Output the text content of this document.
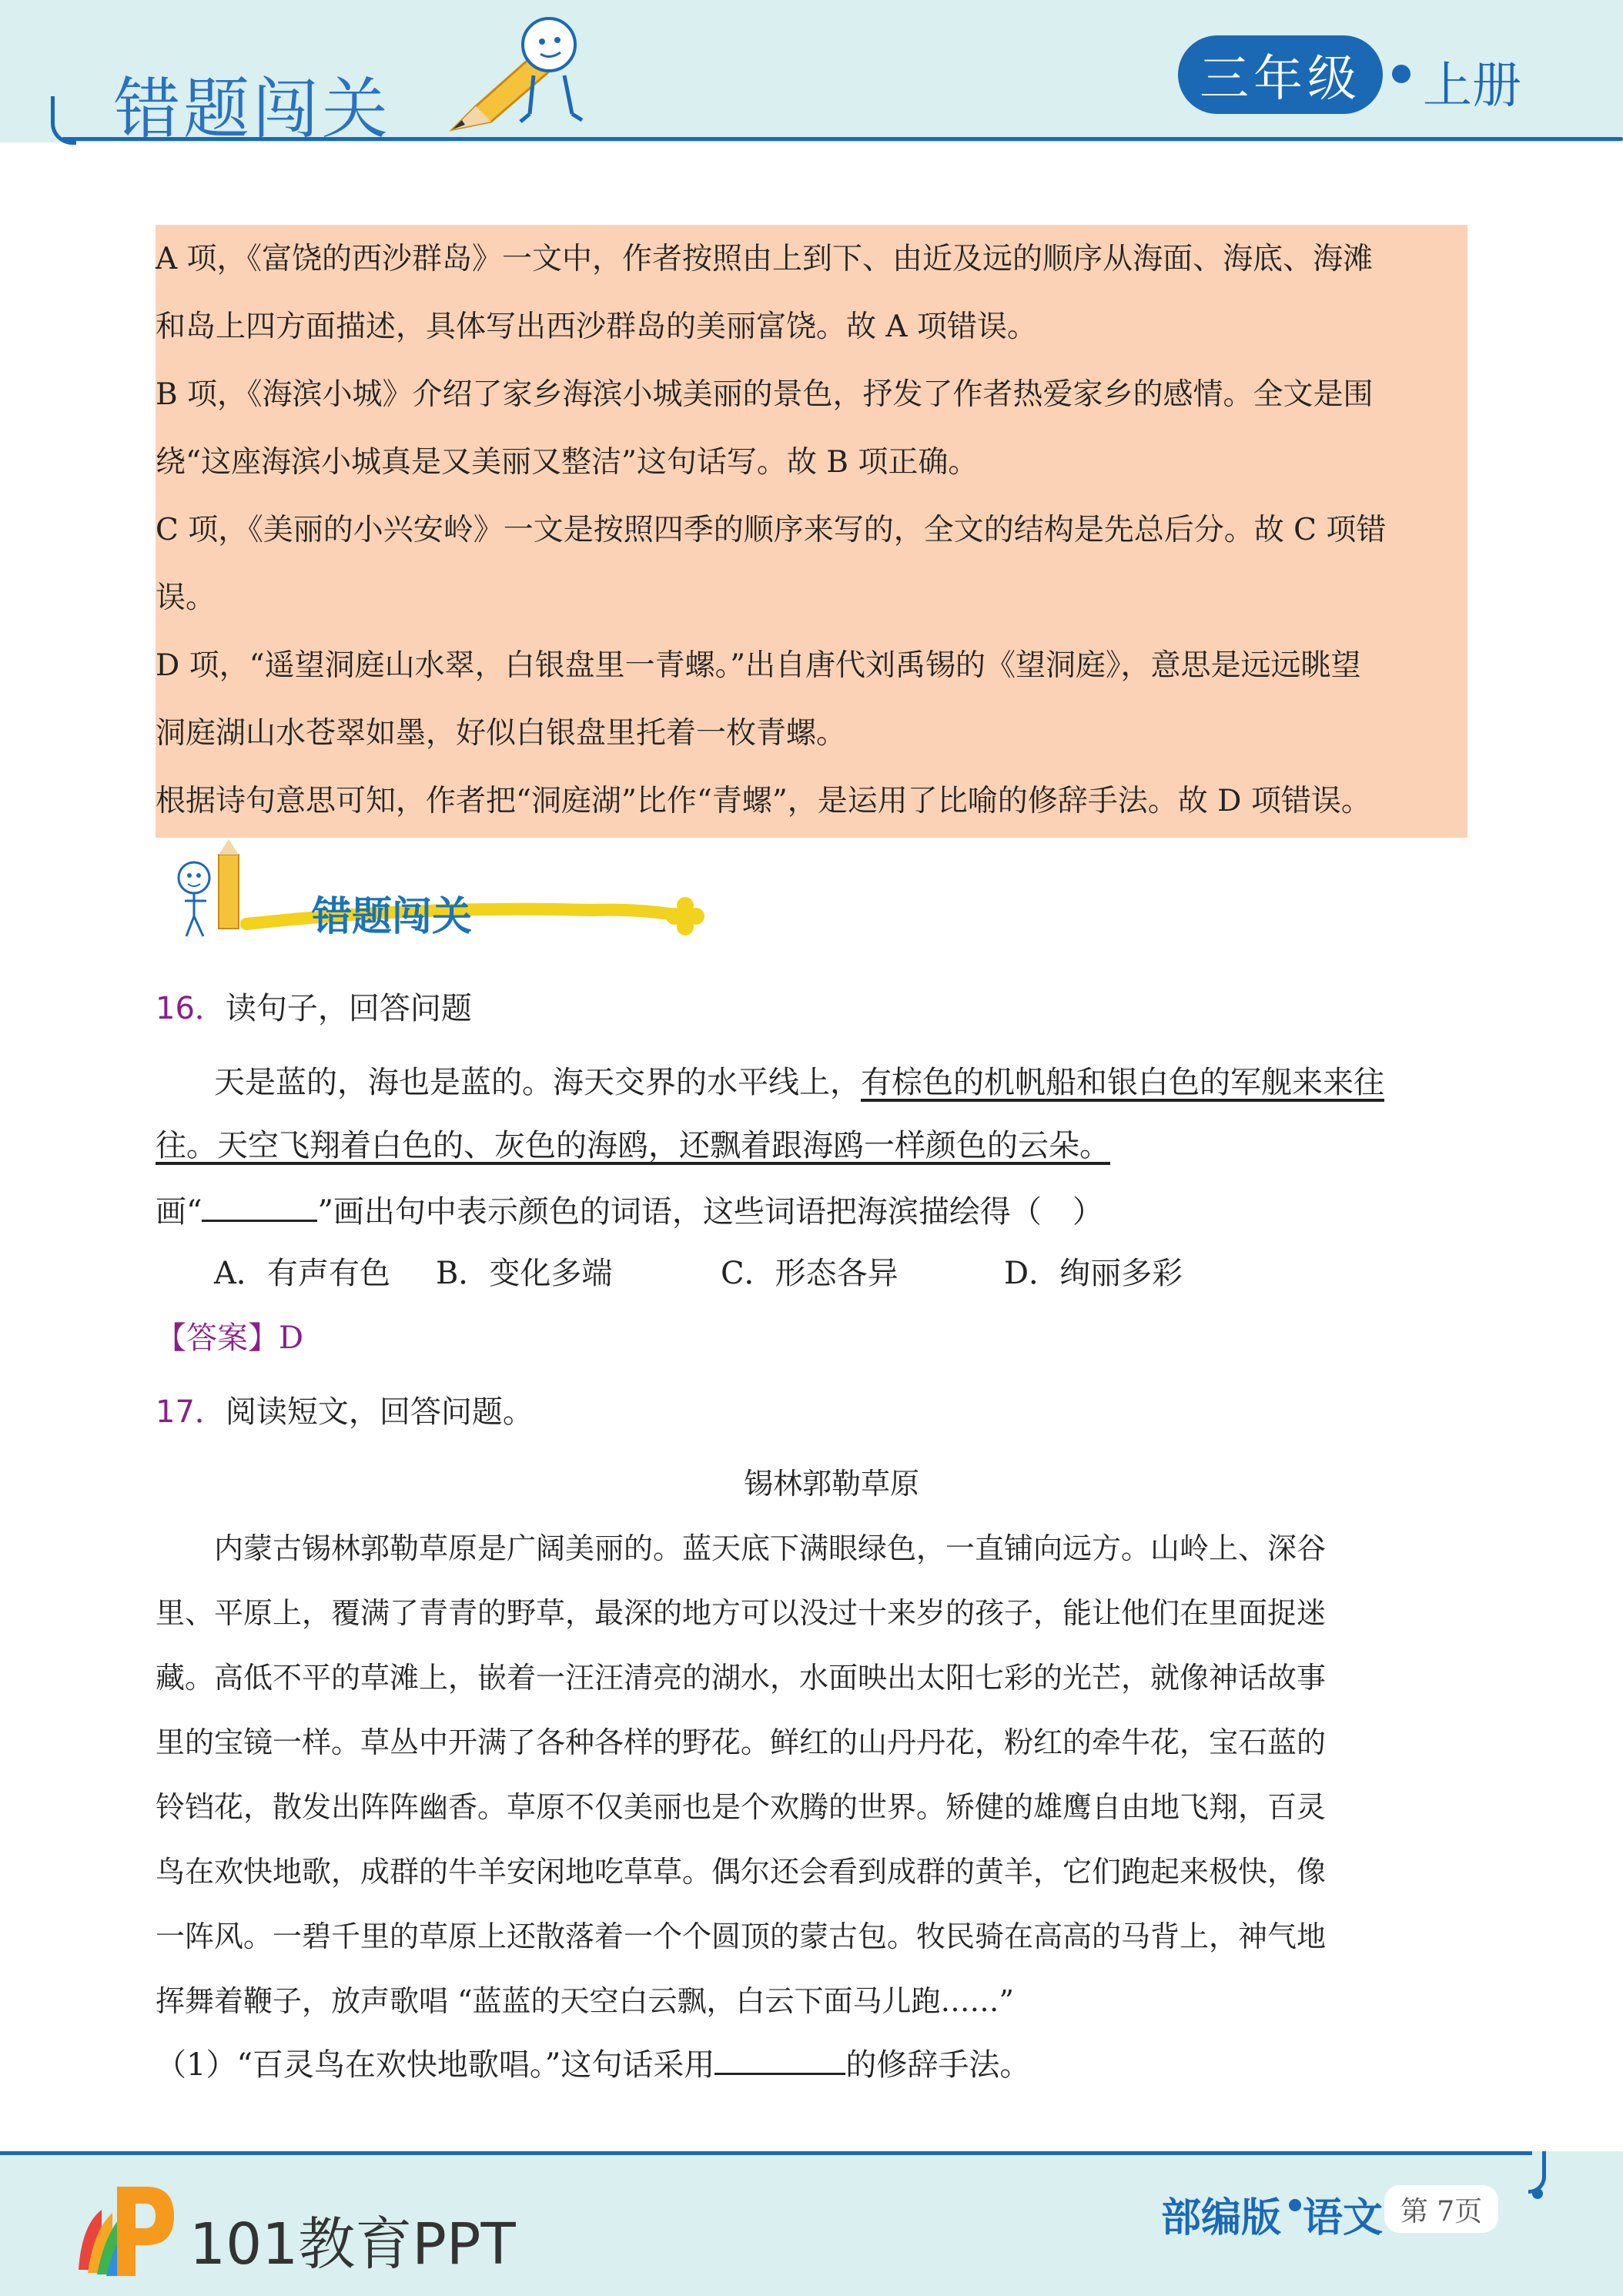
错题闯关	三年级	上册

A 项，《富饶的西沙群岛》一文中，作者按照由上到下、由近及远的顺序从海面、海底、海滩

和岛上四方面描述，具体写出西沙群岛的美丽富饶。故 A 项错误。

B 项，《海滨小城》介绍了家乡海滨小城美丽的景色，抒发了作者热爱家乡的感情。全文是围

绕“这座海滨小城真是又美丽又整洁”这句话写。故 B 项正确。

C 项，《美丽的小兴安岭》一文是按照四季的顺序来写的，全文的结构是先总后分。故 C 项错

误。

D 项，“遥望洞庭山水翠，白银盘里一青螺。”出自唐代刘禹锡的《望洞庭》，意思是远远眺望

洞庭湖山水苍翠如墨，好似白银盘里托着一枚青螺。

根据诗句意思可知，作者把“洞庭湖”比作“青螺”，是运用了比喻的修辞手法。故 D 项错误。

错题闯关

16．读句子，回答问题

天是蓝的，海也是蓝的。海天交界的水平线上，有棕色的机帆船和银白色的军舰来来往

往。天空飞翔着白色的、灰色的海鸥，还飘着跟海鸥一样颜色的云朵。

画“	”画出句中表示颜色的词语，这些词语把海滨描绘得（　）

A．有声有色 B．变化多端	C．形态各异	D．绚丽多彩

【答案】D

17．阅读短文，回答问题。

锡林郭勒草原

内蒙古锡林郭勒草原是广阔美丽的。蓝天底下满眼绿色，一直铺向远方。山岭上、深谷

里、平原上，覆满了青青的野草，最深的地方可以没过十来岁的孩子，能让他们在里面捉迷

藏。高低不平的草滩上，嵌着一汪汪清亮的湖水，水面映出太阳七彩的光芒，就像神话故事

里的宝镜一样。草丛中开满了各种各样的野花。鲜红的山丹丹花，粉红的牵牛花，宝石蓝的

铃铛花，散发出阵阵幽香。草原不仅美丽也是个欢腾的世界。矫健的雄鹰自由地飞翔，百灵

鸟在欢快地歌，成群的牛羊安闲地吃草草。偶尔还会看到成群的黄羊，它们跑起来极快，像

一阵风。一碧千里的草原上还散落着一个个圆顶的蒙古包。牧民骑在高高的马背上，神气地

挥舞着鞭子，放声歌唱 “蓝蓝的天空白云飘，白云下面马儿跑……”

（1）“百灵鸟在欢快地歌唱。”这句话采用	的修辞手法。

101教育PPT	部编版 语文 第 7页
